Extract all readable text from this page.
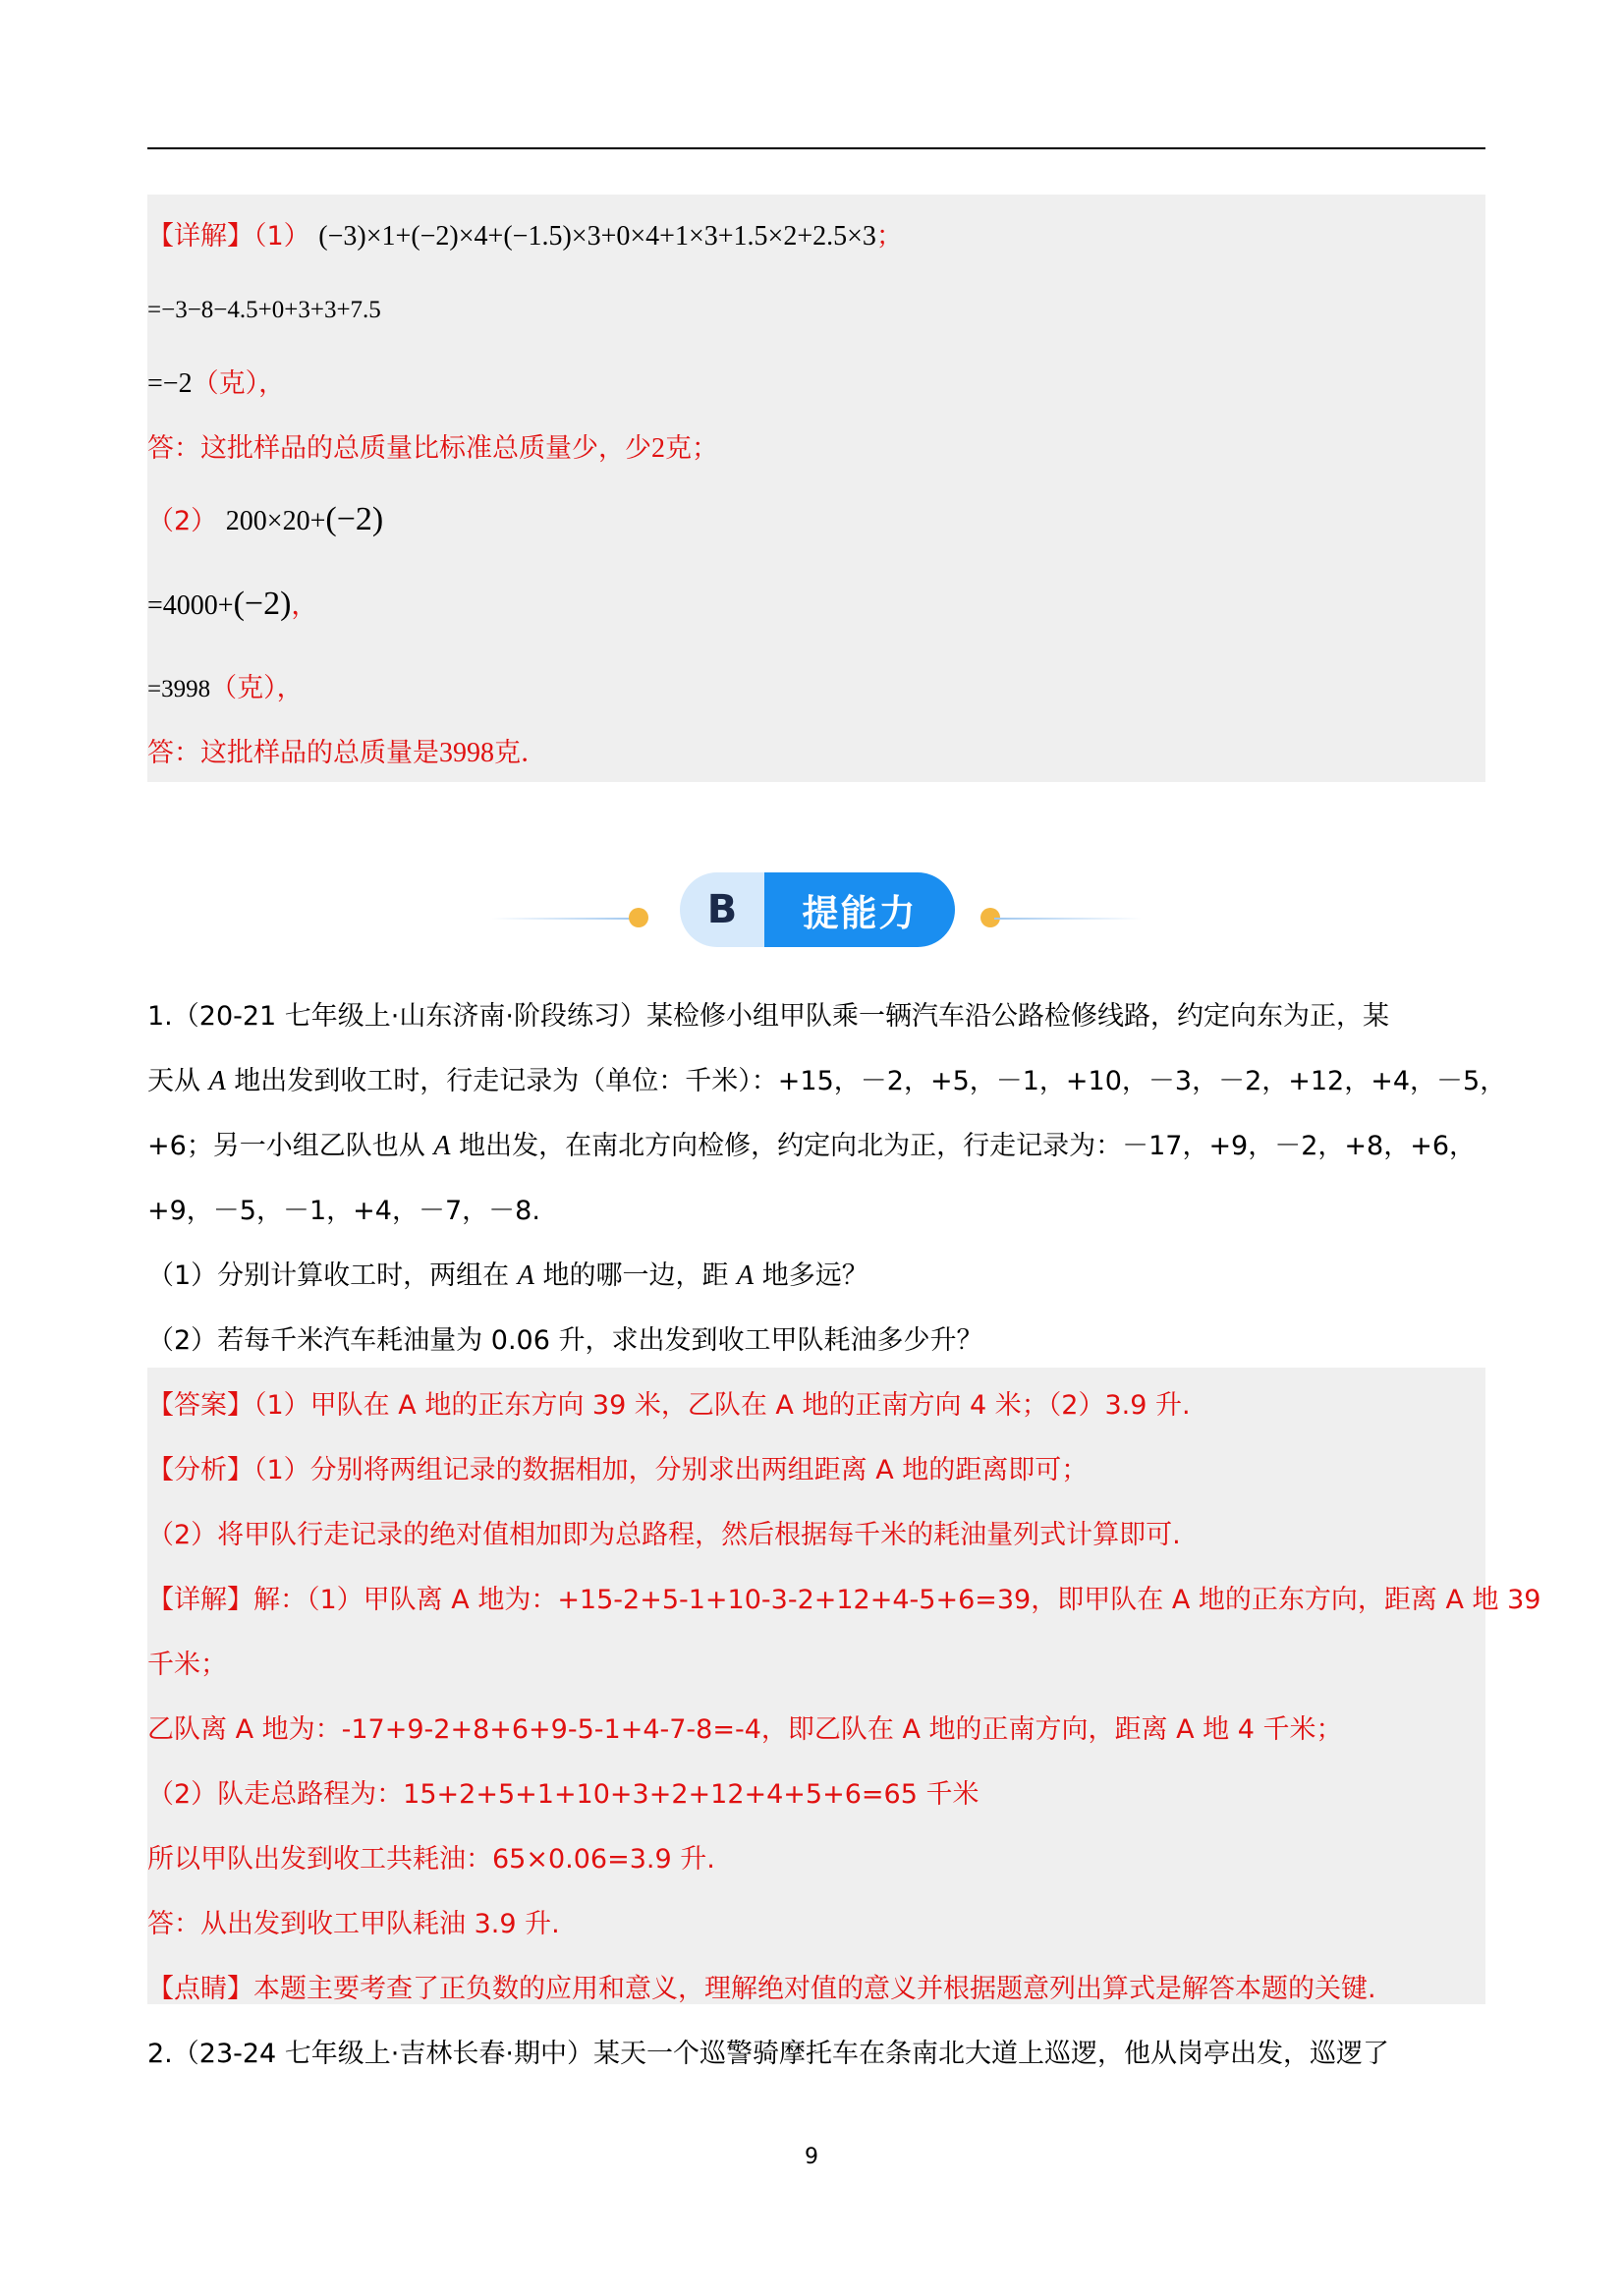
【详解】（1） (−3)×1+(−2)×4+(−1.5)×3+0×4+1×3+1.5×2+2.5×3；
=−3−8−4.5+0+3+3+7.5
=−2（克），
答：这批样品的总质量比标准总质量少，少2克；
（2） 200×20+(−2)
=4000+(−2)，
=3998（克），
答：这批样品的总质量是3998克．
B	提能力
1.（20-21 七年级上·山东济南·阶段练习）某检修小组甲队乘一辆汽车沿公路检修线路，约定向东为正，某
天从 A 地出发到收工时，行走记录为（单位：千米）：+15，－2，+5，－1，+10，－3，－2，+12，+4，－5，
+6；另一小组乙队也从 A 地出发，在南北方向检修，约定向北为正，行走记录为：－17，+9，－2，+8，+6，
+9，－5，－1，+4，－7，－8.
（1）分别计算收工时，两组在 A 地的哪一边，距 A 地多远？
（2）若每千米汽车耗油量为 0.06 升，求出发到收工甲队耗油多少升？
【答案】（1）甲队在 A 地的正东方向 39 米，乙队在 A 地的正南方向 4 米；（2）3.9 升.
【分析】（1）分别将两组记录的数据相加，分别求出两组距离 A 地的距离即可；
（2）将甲队行走记录的绝对值相加即为总路程，然后根据每千米的耗油量列式计算即可.
【详解】解：（1）甲队离 A 地为：+15-2+5-1+10-3-2+12+4-5+6=39，即甲队在 A 地的正东方向，距离 A 地 39
千米；
乙队离 A 地为：-17+9-2+8+6+9-5-1+4-7-8=-4，即乙队在 A 地的正南方向，距离 A 地 4 千米；
（2）队走总路程为：15+2+5+1+10+3+2+12+4+5+6=65 千米
所以甲队出发到收工共耗油：65×0.06=3.9 升.
答：从出发到收工甲队耗油 3.9 升.
【点睛】本题主要考查了正负数的应用和意义，理解绝对值的意义并根据题意列出算式是解答本题的关键.
2.（23-24 七年级上·吉林长春·期中）某天一个巡警骑摩托车在条南北大道上巡逻，他从岗亭出发，巡逻了
9
